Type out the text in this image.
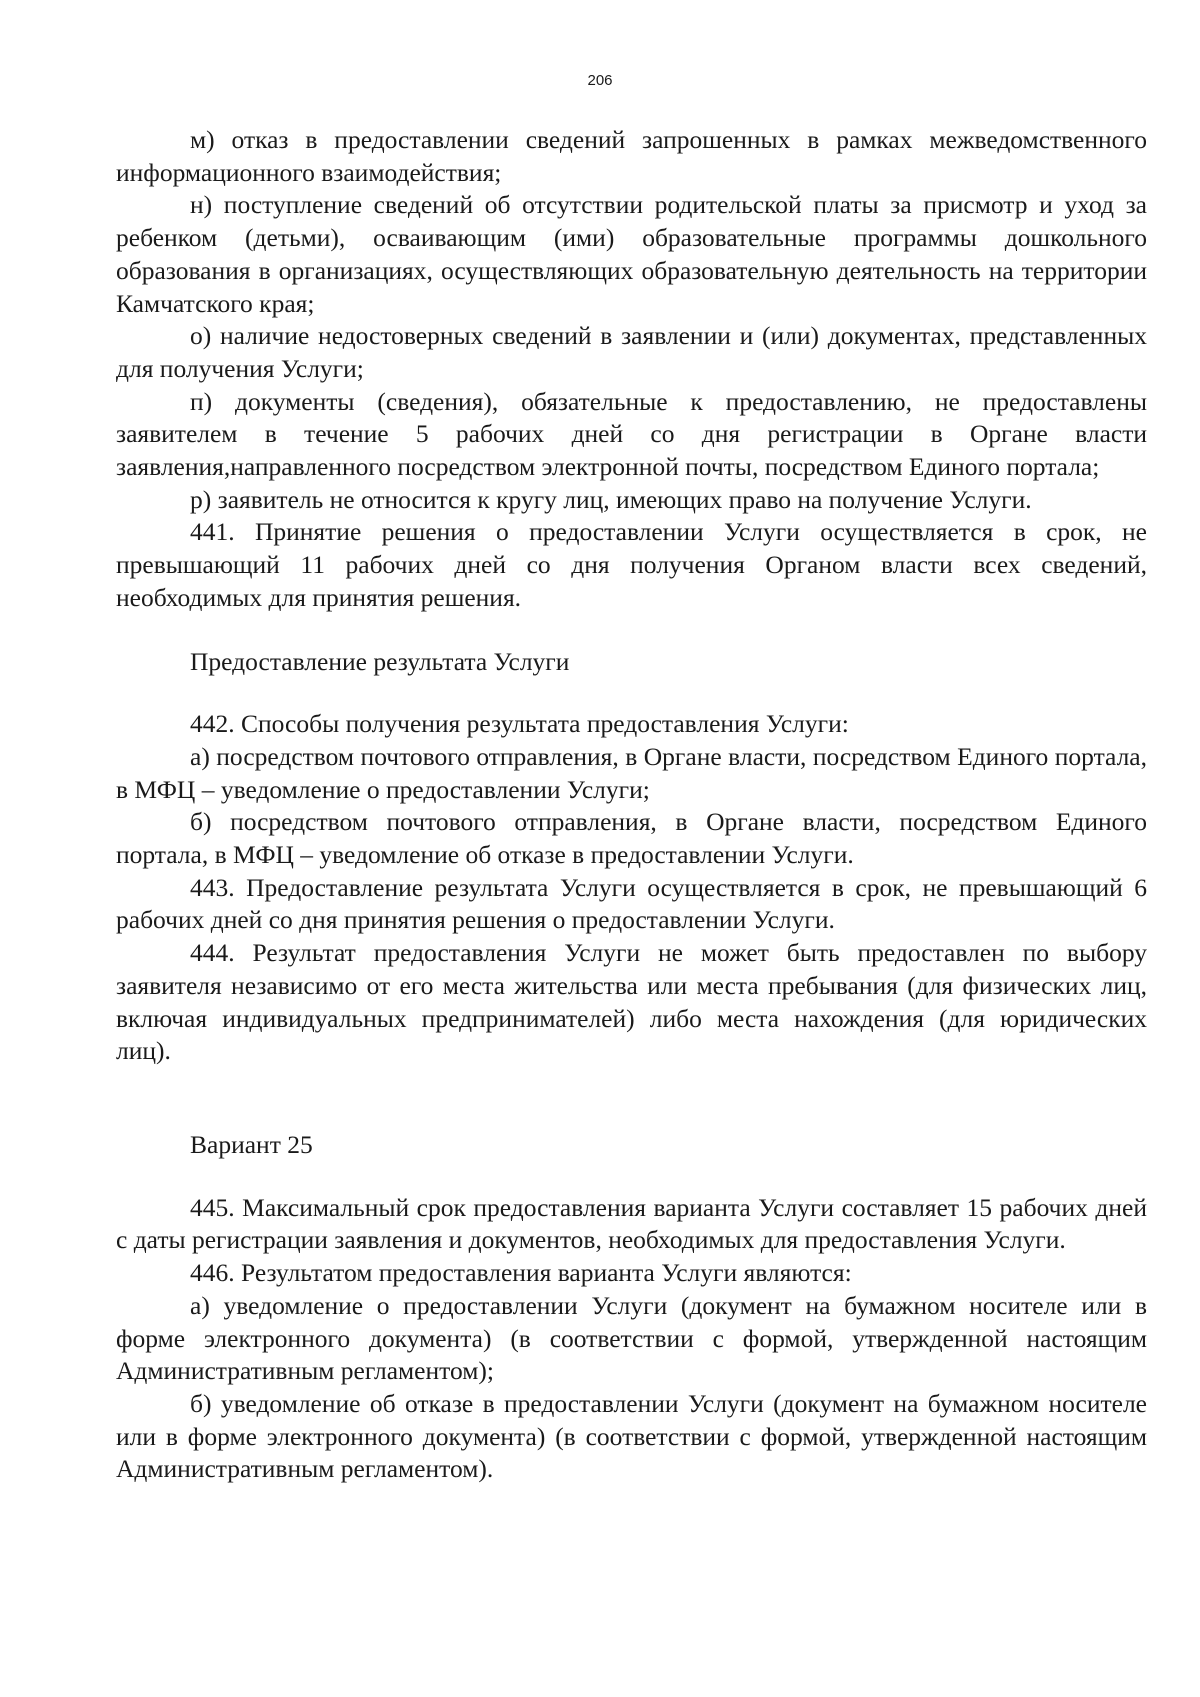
206

м) отказ в предоставлении сведений запрошенных в рамках межведомственного информационного взаимодействия;

н) поступление сведений об отсутствии родительской платы за присмотр и уход за ребенком (детьми), осваивающим (ими) образовательные программы дошкольного образования в организациях, осуществляющих образовательную деятельность на территории Камчатского края;

о) наличие недостоверных сведений в заявлении и (или) документах, представленных для получения Услуги;

п) документы (сведения), обязательные к предоставлению, не предоставлены заявителем в течение 5 рабочих дней со дня регистрации в Органе власти заявления,направленного посредством электронной почты, посредством Единого портала;

р) заявитель не относится к кругу лиц, имеющих право на получение Услуги.

441. Принятие решения о предоставлении Услуги осуществляется в срок, не превышающий 11 рабочих дней со дня получения Органом власти всех сведений, необходимых для принятия решения.

Предоставление результата Услуги

442. Способы получения результата предоставления Услуги:

а) посредством почтового отправления, в Органе власти, посредством Единого портала, в МФЦ – уведомление о предоставлении Услуги;

б) посредством почтового отправления, в Органе власти, посредством Единого портала, в МФЦ – уведомление об отказе в предоставлении Услуги.

443. Предоставление результата Услуги осуществляется в срок, не превышающий 6 рабочих дней со дня принятия решения о предоставлении Услуги.

444. Результат предоставления Услуги не может быть предоставлен по выбору заявителя независимо от его места жительства или места пребывания (для физических лиц, включая индивидуальных предпринимателей) либо места нахождения (для юридических лиц).

Вариант 25

445. Максимальный срок предоставления варианта Услуги составляет 15 рабочих дней с даты регистрации заявления и документов, необходимых для предоставления Услуги.

446. Результатом предоставления варианта Услуги являются:

а) уведомление о предоставлении Услуги (документ на бумажном носителе или в форме электронного документа) (в соответствии с формой, утвержденной настоящим Административным регламентом);

б) уведомление об отказе в предоставлении Услуги (документ на бумажном носителе или в форме электронного документа) (в соответствии с формой, утвержденной настоящим Административным регламентом).
